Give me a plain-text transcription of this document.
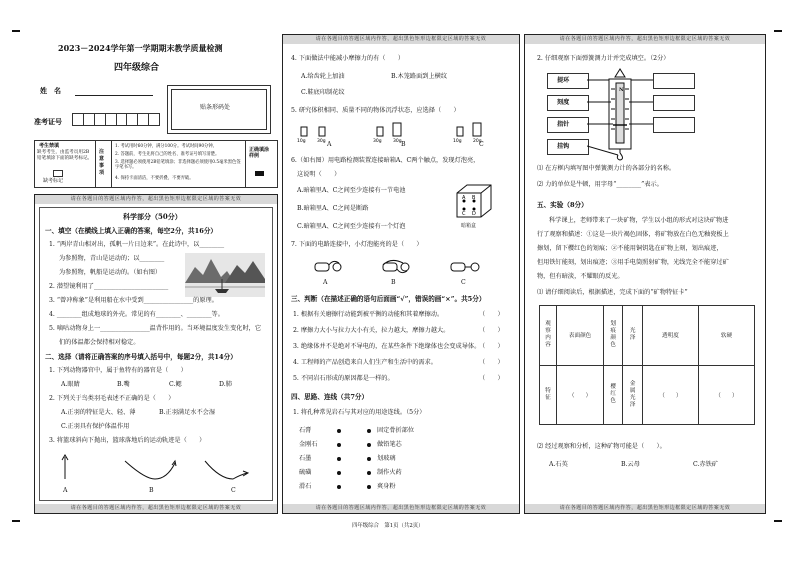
2023－2024学年第一学期期末教学质量检测
四年级综合
姓　名
准考证号
贴条形码处
考生禁填
缺考考生，由监考员用2B铅笔填涂下面的缺考标记。
缺考标记
注意事项
1. 考试用时60分钟，满分100分。考试时间90分钟。
2. 答题前，考生先将自己的姓名、准考证号填写清楚。
3. 选择题必须使用2B铅笔填涂；非选择题必须使用0.5毫米黑色签字笔书写。
4. 保持卡面清洁，不要折叠，不要弄破。
正确填涂样例
请在各题目的答题区域内作答，超出黑色矩形边框限定区域的答案无效
请在各题目的答题区域内作答，超出黑色矩形边框限定区域的答案无效
科学部分（50分）
一、填空（在横线上填入正确的答案，每空2分，共16分）
1. “两岸青山相对出，孤帆一片日边来”。在此诗中，以________
为参照物，青山是运动的；以________
为参照物，帆船是运动的。（如右图）
2. 潜望镜利用了________________________
3. “曾冲称象”是利用船在水中受到________________的原理。
4. ________组成地球的外壳。常见的有________、________等。
5. 嘀咕动物身上一________________温背作用的。当环境温度发生变化时，它
们的体温都会保持相对稳定。
二、选择（请将正确答案的序号填入括号中，每题2分，共14分）
1. 下列动物器官中，属于鱼特有的器官是（　　）
A.眼睛	B.嘴	C.鳃	D.肺
2. 下列关于鸟类羽毛表述不正确的是（　　）
A.正羽的特征是大、轻、薄	B.正羽满足水不会湿
C.正羽具有保护体温作用
3. 将篮球斜向下抛出，篮球落地后的运动轨迹是（　　）
A	B	C
请在各题目的答题区域内作答，超出黑色矩形边框限定区域的答案无效
请在各题目的答题区域内作答，超出黑色矩形边框限定区域的答案无效
4. 下面做法中能减小摩擦力的有（　　）
A.给齿轮上加油	B.木笼路面到上横纹
C.鞋底印制花纹
5. 研究体积相同、质量不同的物体沉浮状态，应选择（　　）
10g	30g	30g	30g	10g	20g
A	B	C
6.（如右图）用电路检测装置连接暗箱A、C两个触点，发现灯泡亮，
这说明（　　）
A.暗箱里A、C之间至少连接有一节电池
B.暗箱里A、C之间是断路
C.暗箱里A、C之间至少连接有一个灯泡
A B
C D
暗箱盒
7. 下面的电路连接中，小灯泡能亮的是（　　）
A	B	C
三、判断（在描述正确的语句后面画“√”，错误的画“×”。共5分）
1. 根据有关磨擦行动能到被平衡的动能和其着摩擦动。
2. 摩擦力大小与拉力大小有关，拉力越大，摩擦力越大。
3. 绝缘体并不是绝对不导电的，在某些条件下绝缘体也会变成导体。
4. 工程师的产品创造来自人们生产和生活中的需求。
5. 不同岩石形成的原因都是一样的。
（　　）
（　　）
（　　）
（　　）
（　　）
四、思路、连线（共7分）
1. 将孔种常见岩石与其对应的用途连线。（5分）
石膏
金刚石
石墨
硫磺
滑石
固定骨折部位
做铅笔芯
划玻璃
制作火药
爽身粉
请在各题目的答题区域内作答，超出黑色矩形边框限定区域的答案无效
请在各题目的答题区域内作答，超出黑色矩形边框限定区域的答案无效
2. 仔细观察下面弹簧测力计并完成填空。（2分）
提环
刻度
指针
挂钩
N
⑴ 在方框内填写图中弹簧测力计的各部分的名称。
⑵ 力的单位是牛顿，用字母“________”表示。
五、实验（8分）
科学课上，老师带来了一块矿物，学生以小组的形式对这块矿物进
行了观察和描述：①这是一块片褐色固体，将矿物放在白色无釉瓷板上
擦划，留下樱红色的划痕；②不能用铜钥匙在矿物上刻，划出痕迹，
但用铁钉能刻，划出痕迹；③用手电筒照射矿物，光线完全不能穿过矿
物，但有暗淡，不耀眼的反光。
⑴ 请仔细阅读后，根据描述，完成下面的“矿物特征卡”
观察内容	表面颜色	划痕颜色	光泽	透明度	软硬

特征	（　　）	樱红色	金属光泽	（　　）	（　　）
⑵ 经过观察和分析，这种矿物可能是（　　）。
A.石英	B.云母	C.赤铁矿
四年级综合　第1页（共2页）
